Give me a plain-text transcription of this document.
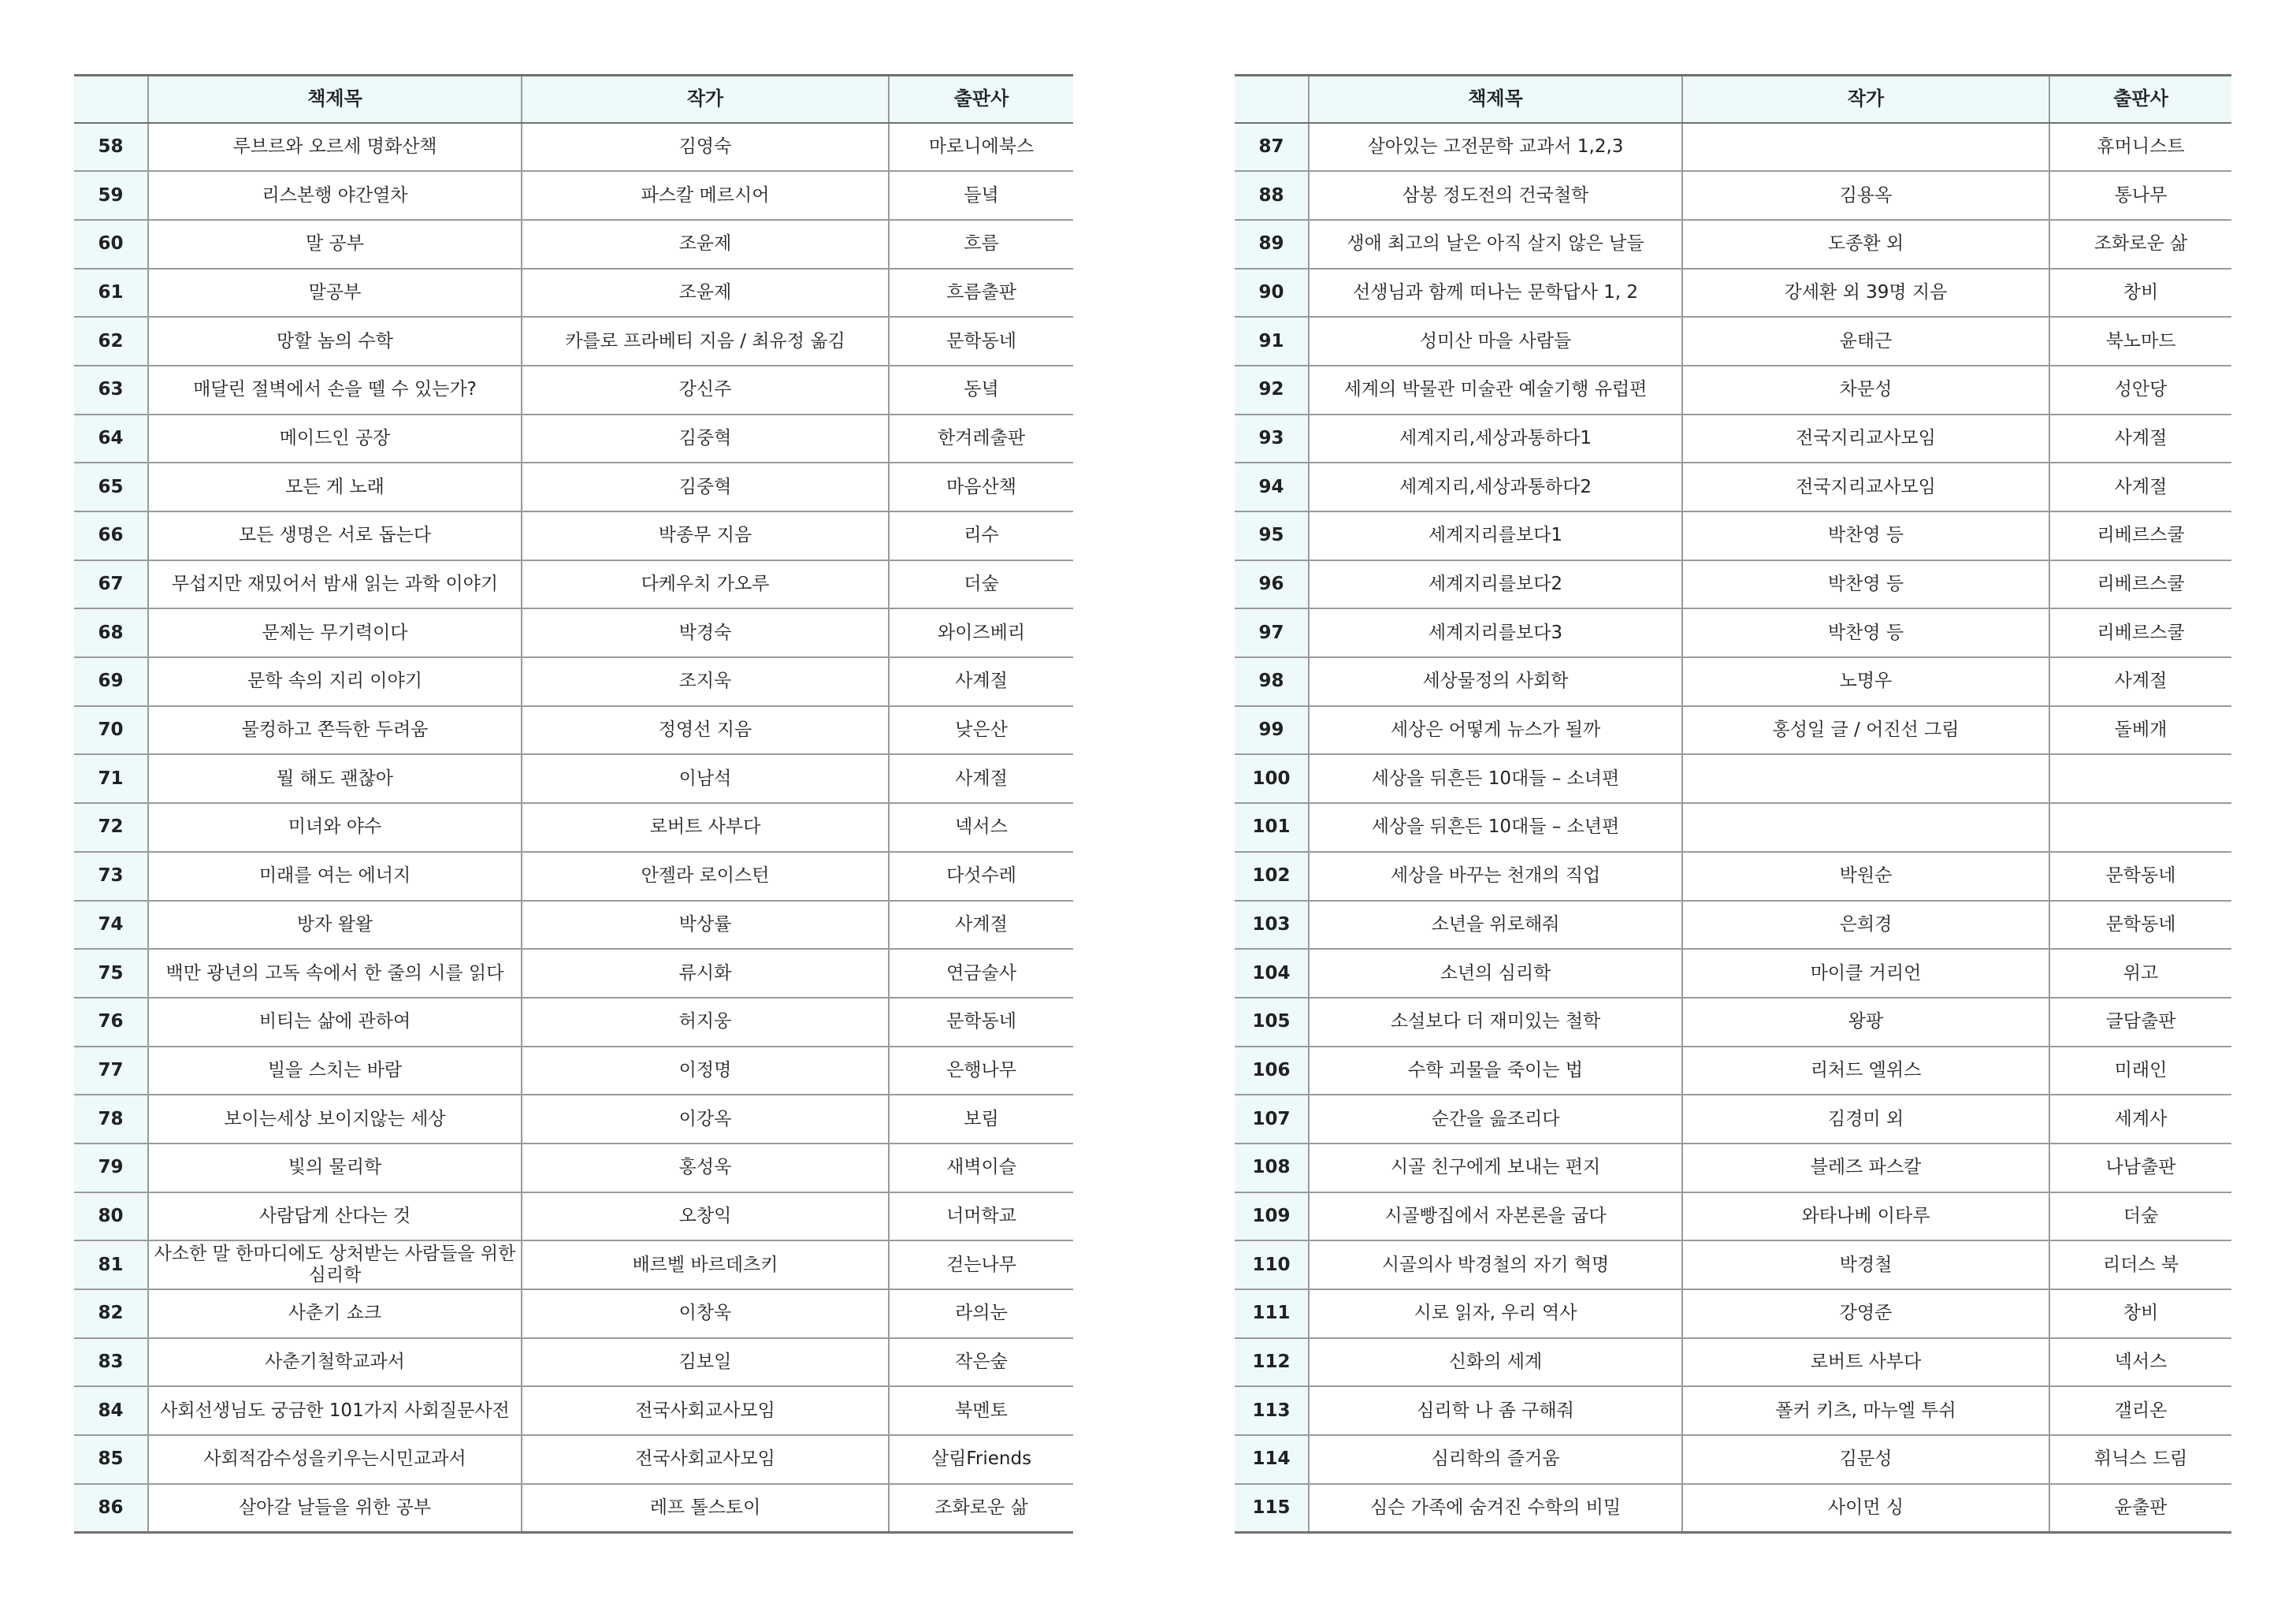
	책제목	작가	출판사
58	루브르와 오르세 명화산책	김영숙	마로니에북스
59	리스본행 야간열차	파스칼 메르시어	들녘
60	말 공부	조윤제	흐름
61	말공부	조윤제	흐름출판
62	망할 놈의 수학	카를로 프라베티 지음 / 최유정 옮김	문학동네
63	매달린 절벽에서 손을 뗄 수 있는가?	강신주	동녘
64	메이드인 공장	김중혁	한겨레출판
65	모든 게 노래	김중혁	마음산책
66	모든 생명은 서로 돕는다	박종무 지음	리수
67	무섭지만 재밌어서 밤새 읽는 과학 이야기	다케우치 가오루	더숲
68	문제는 무기력이다	박경숙	와이즈베리
69	문학 속의 지리 이야기	조지욱	사계절
70	물컹하고 쫀득한 두려움	정영선 지음	낮은산
71	뭘 해도 괜찮아	이남석	사계절
72	미녀와 야수	로버트 사부다	넥서스
73	미래를 여는 에너지	안젤라 로이스턴	다섯수레
74	방자 왈왈	박상률	사계절
75	백만 광년의 고독 속에서 한 줄의 시를 읽다	류시화	연금술사
76	비티는 삶에 관하여	허지웅	문학동네
77	빌을 스치는 바람	이정명	은행나무
78	보이는세상 보이지않는 세상	이강옥	보림
79	빛의 물리학	홍성욱	새벽이슬
80	사람답게 산다는 것	오창익	너머학교
81	사소한 말 한마디에도 상처받는 사람들을 위한 심리학	배르벨 바르데츠키	걷는나무
82	사춘기 쇼크	이창욱	라의눈
83	사춘기철학교과서	김보일	작은숲
84	사회선생님도 궁금한 101가지 사회질문사전	전국사회교사모임	북멘토
85	사회적감수성을키우는시민교과서	전국사회교사모임	살림Friends
86	살아갈 날들을 위한 공부	레프 톨스토이	조화로운 삶
	책제목	작가	출판사
87	살아있는 고전문학 교과서 1,2,3		휴머니스트
88	삼봉 정도전의 건국철학	김용옥	통나무
89	생애 최고의 날은 아직 살지 않은 날들	도종환 외	조화로운 삶
90	선생님과 함께 떠나는 문학답사 1, 2	강세환 외 39명 지음	창비
91	성미산 마을 사람들	윤태근	북노마드
92	세계의 박물관 미술관 예술기행 유럽편	차문성	성안당
93	세계지리,세상과통하다1	전국지리교사모임	사계절
94	세계지리,세상과통하다2	전국지리교사모임	사계절
95	세계지리를보다1	박찬영 등	리베르스쿨
96	세계지리를보다2	박찬영 등	리베르스쿨
97	세계지리를보다3	박찬영 등	리베르스쿨
98	세상물정의 사회학	노명우	사계절
99	세상은 어떻게 뉴스가 될까	홍성일 글 / 어진선 그림	돌베개
100	세상을 뒤흔든 10대들 – 소녀편		
101	세상을 뒤흔든 10대들 – 소년편		
102	세상을 바꾸는 천개의 직업	박원순	문학동네
103	소년을 위로해줘	은희경	문학동네
104	소년의 심리학	마이클 거리언	위고
105	소설보다 더 재미있는 철학	왕팡	글담출판
106	수학 괴물을 죽이는 법	리처드 엘위스	미래인
107	순간을 읊조리다	김경미 외	세계사
108	시골 친구에게 보내는 편지	블레즈 파스칼	나남출판
109	시골빵집에서 자본론을 굽다	와타나베 이타루	더숲
110	시골의사 박경철의 자기 혁명	박경철	리더스 북
111	시로 읽자, 우리 역사	강영준	창비
112	신화의 세계	로버트 사부다	넥서스
113	심리학 나 좀 구해줘	폴커 키츠, 마누엘 투쉬	갤리온
114	심리학의 즐거움	김문성	휘닉스 드림
115	심슨 가족에 숨겨진 수학의 비밀	사이먼 싱	윤출판
